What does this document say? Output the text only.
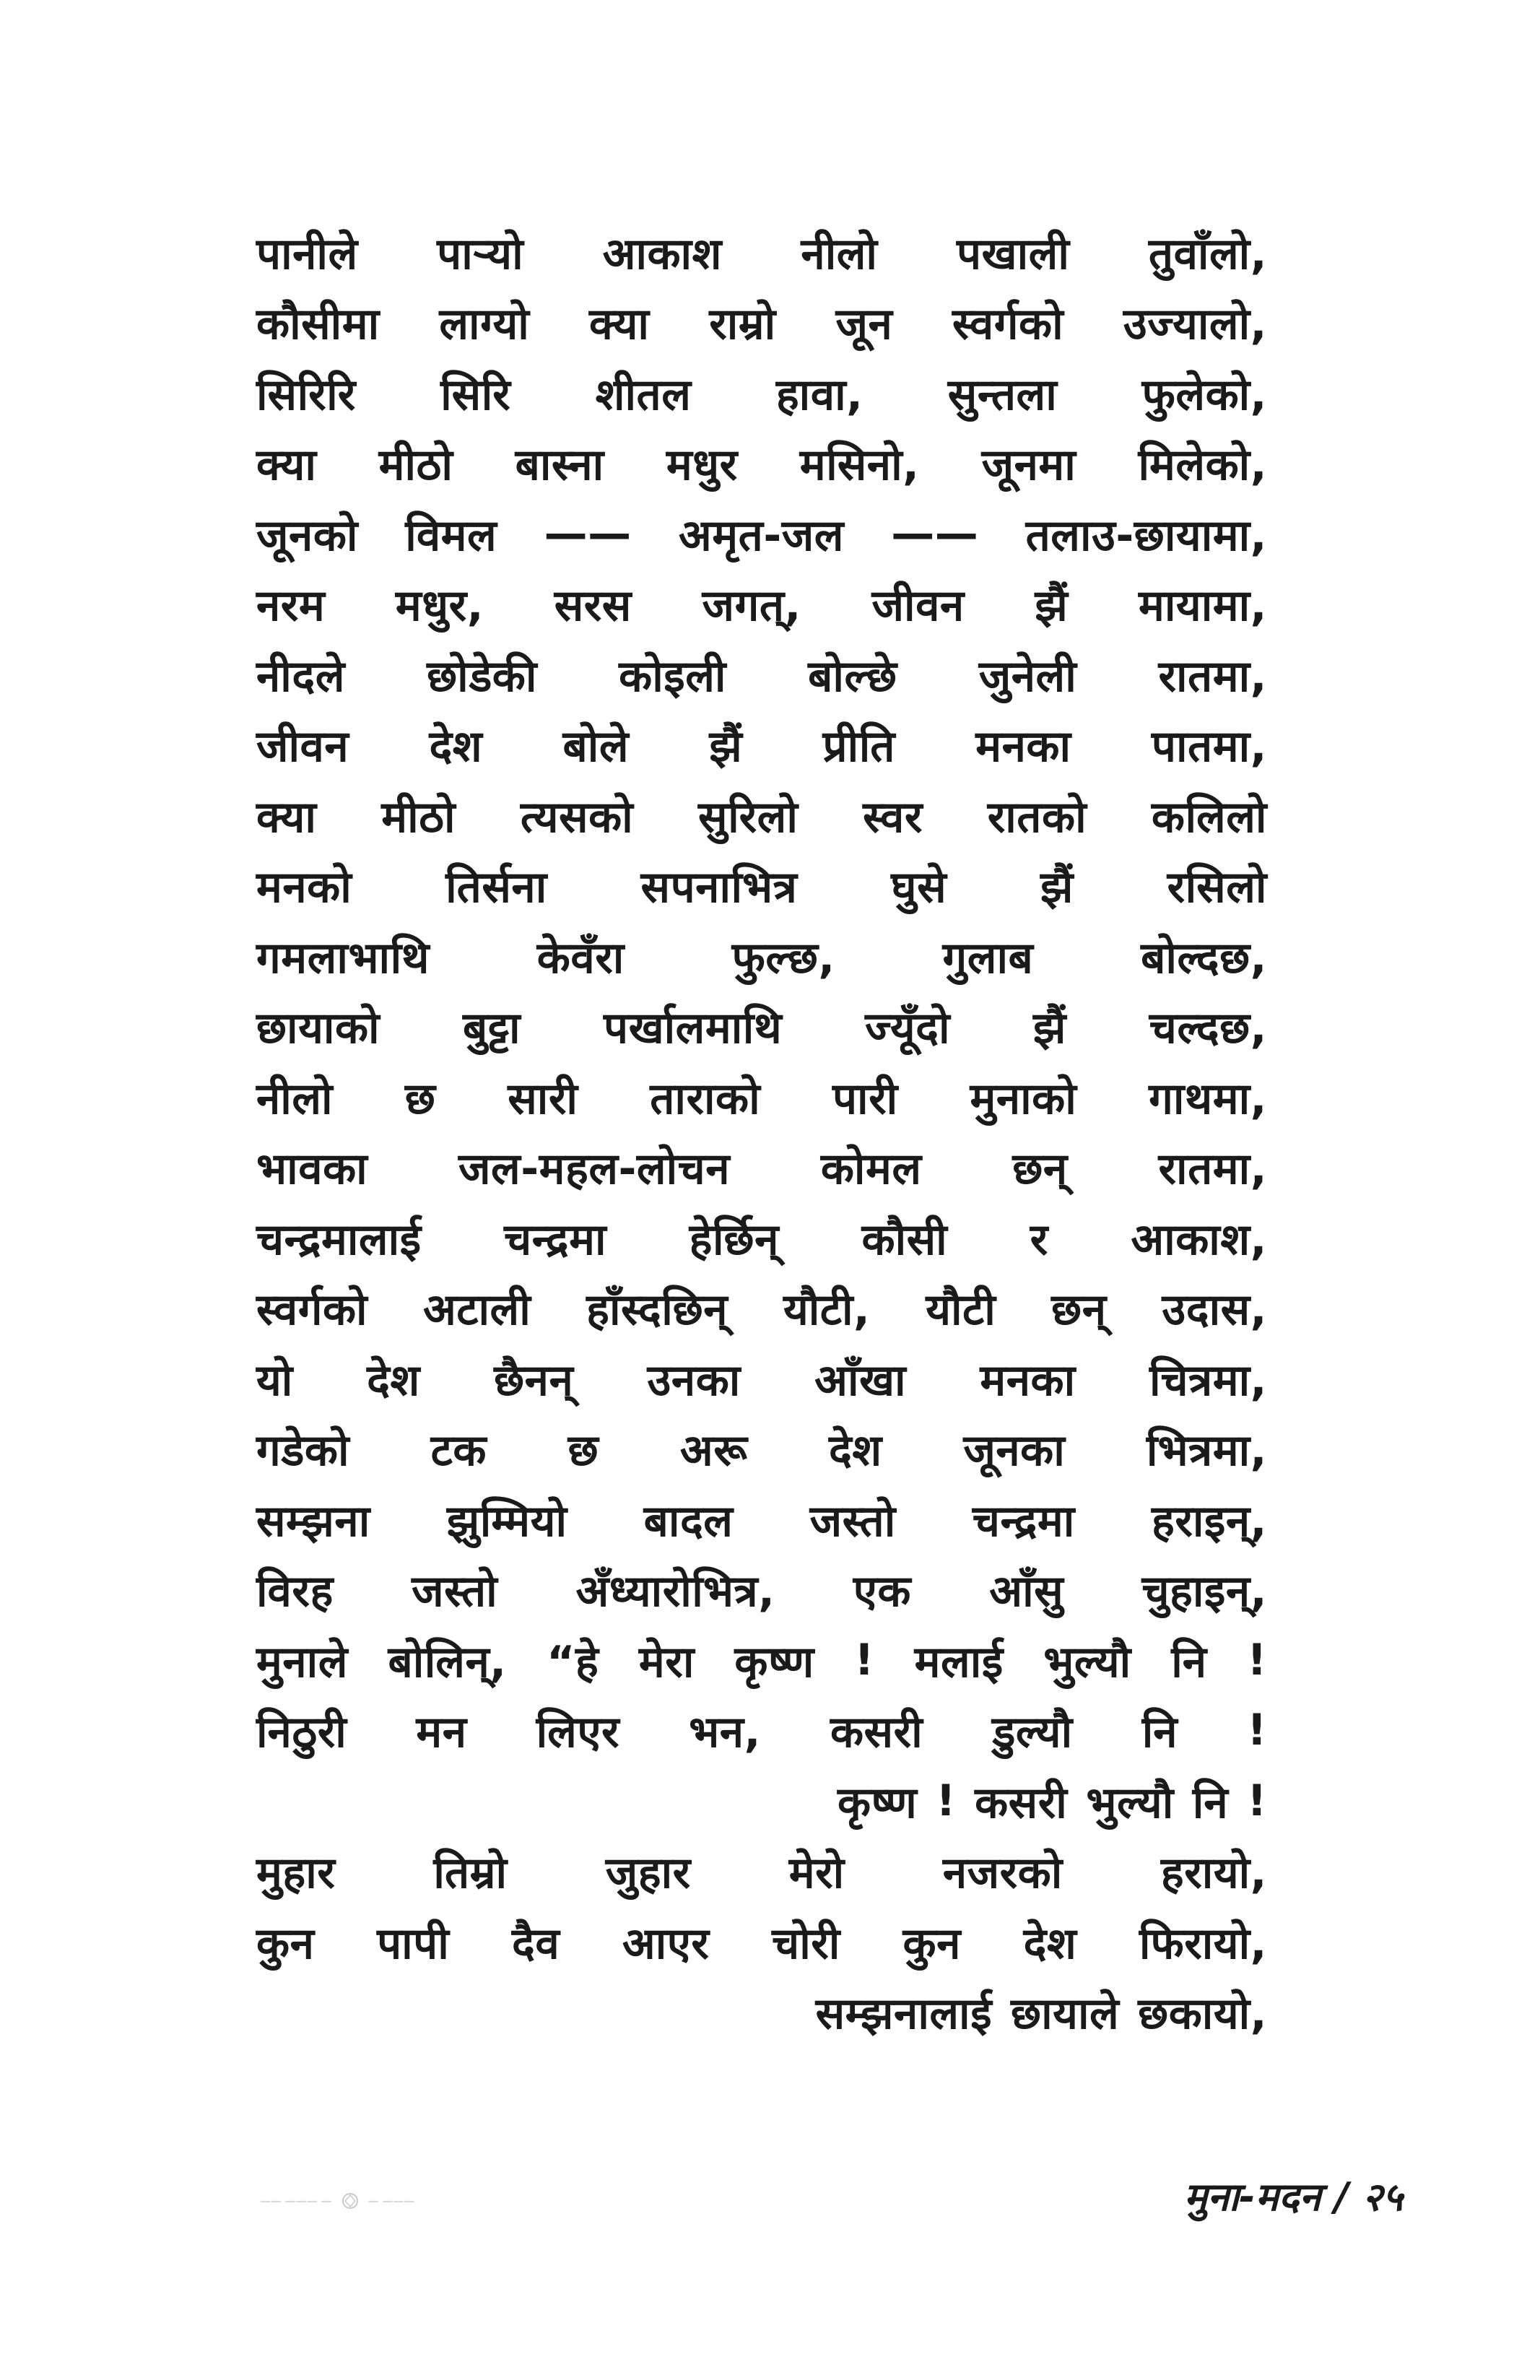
पानीले पाऱ्यो आकाश नीलो पखाली तुवाँलो,
कौसीमा लाग्यो क्या राम्रो जून स्वर्गको उज्यालो,
सिरिरि सिरि शीतल हावा, सुन्तला फुलेको,
क्या मीठो बास्ना मधुर मसिनो, जूनमा मिलेको,
जूनको विमल —— अमृत-जल —— तलाउ-छायामा,
नरम मधुर, सरस जगत्, जीवन झैं मायामा,
नीदले छोडेकी कोइली बोल्छे जुनेली रातमा,
जीवन देश बोले झैं प्रीति मनका पातमा,
क्या मीठो त्यसको सुरिलो स्वर रातको कलिलो
मनको तिर्सना सपनाभित्र घुसे झैं रसिलो
गमलाभाथि केवँरा फुल्छ, गुलाब बोल्दछ,
छायाको बुट्टा पर्खालमाथि ज्यूँदो झैं चल्दछ,
नीलो छ सारी ताराको पारी मुनाको गाथमा,
भावका जल-महल-लोचन कोमल छन् रातमा,
चन्द्रमालाई चन्द्रमा हेर्छिन् कौसी र आकाश,
स्वर्गको अटाली हाँस्दछिन् यौटी, यौटी छन् उदास,
यो देश छैनन् उनका आँखा मनका चित्रमा,
गडेको टक छ अरू देश जूनका भित्रमा,
सम्झना झुम्मियो बादल जस्तो चन्द्रमा हराइन्,
विरह जस्तो अँध्यारोभित्र, एक आँसु चुहाइन्,
मुनाले बोलिन्, “हे मेरा कृष्ण ! मलाई भुल्यौ नि !
निठुरी मन लिएर भन, कसरी डुल्यौ नि !
कृष्ण ! कसरी भुल्यौ नि !
मुहार तिम्रो जुहार मेरो नजरको हरायो,
कुन पापी दैव आएर चोरी कुन देश फिरायो,
सम्झनालाई छायाले छकायो,
—— ——— —	— ———	मुना-मदन / २५
